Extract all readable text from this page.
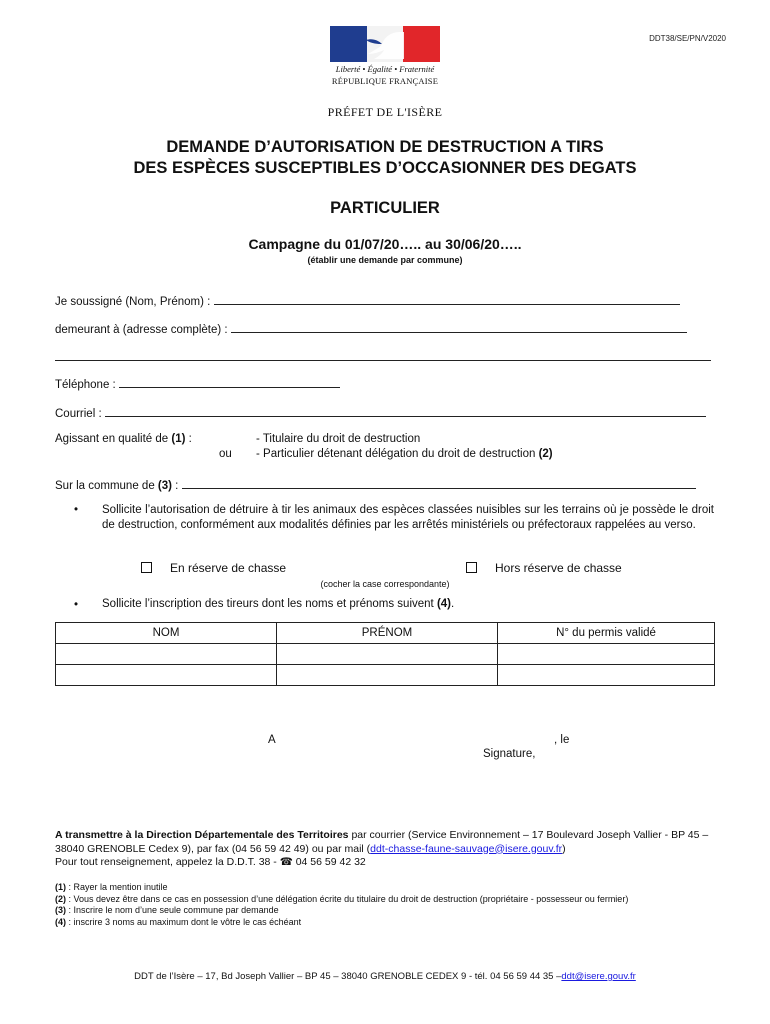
DDT38/SE/PN/V2020
Liberté • Égalité • Fraternité
RÉPUBLIQUE FRANÇAISE
PRÉFET DE L'ISÈRE
DEMANDE D’AUTORISATION DE DESTRUCTION A TIRS
DES ESPÈCES SUSCEPTIBLES D’OCCASIONNER DES DEGATS
PARTICULIER
Campagne du 01/07/20….. au 30/06/20…..
(établir une demande par commune)
Je soussigné (Nom, Prénom) :
demeurant à (adresse complète) :
Téléphone :
Courriel :
Agissant en qualité de (1) :	- Titulaire du droit de destruction
ou - Particulier détenant délégation du droit de destruction (2)
Sur la commune de (3) :
• Sollicite l’autorisation de détruire à tir les animaux des espèces classées nuisibles sur les terrains où je possède le droit de destruction, conformément aux modalités définies par les arrêtés ministériels ou préfectoraux rappelées au verso.
En réserve de chasse	Hors réserve de chasse
(cocher la case correspondante)
• Sollicite l’inscription des tireurs dont les noms et prénoms suivent (4).
NOM	PRÉNOM	N° du permis validé

A	, le
Signature,
A transmettre à la Direction Départementale des Territoires par courrier (Service Environnement – 17 Boulevard Joseph Vallier - BP 45 – 38040 GRENOBLE Cedex 9), par fax (04 56 59 42 49) ou par mail (ddt-chasse-faune-sauvage@isere.gouv.fr)
Pour tout renseignement, appelez la D.D.T. 38 - ☎ 04 56 59 42 32
(1) : Rayer la mention inutile
(2) : Vous devez être dans ce cas en possession d’une délégation écrite du titulaire du droit de destruction (propriétaire - possesseur ou fermier)
(3) : Inscrire le nom d’une seule commune par demande
(4) : inscrire 3 noms au maximum dont le vôtre le cas échéant
DDT de l’Isère – 17, Bd Joseph Vallier – BP 45 – 38040 GRENOBLE CEDEX 9 - tél. 04 56 59 44 35 –ddt@isere.gouv.fr
